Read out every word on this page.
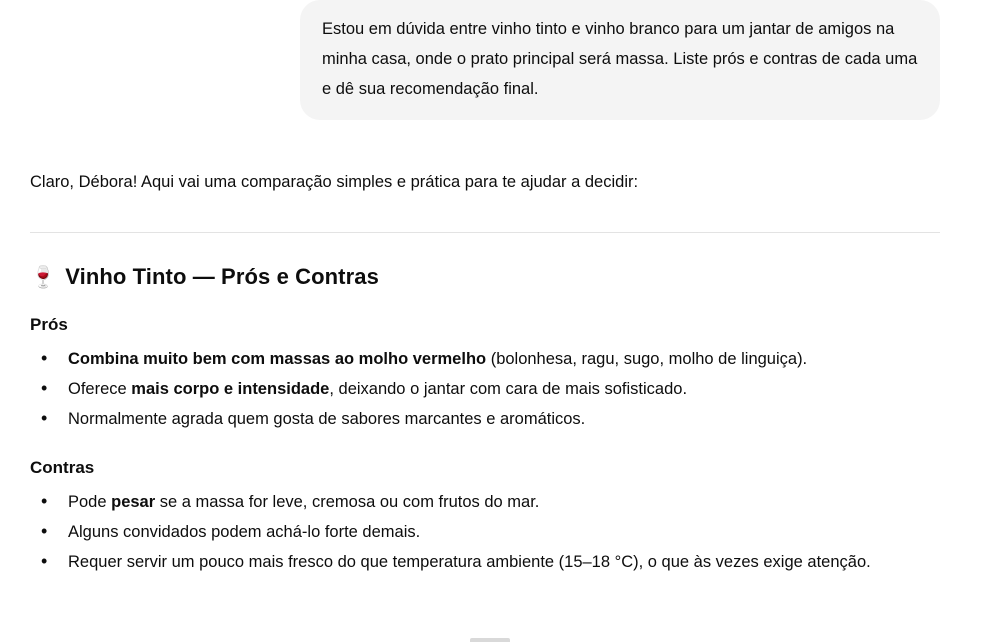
Estou em dúvida entre vinho tinto e vinho branco para um jantar de amigos na minha casa, onde o prato principal será massa. Liste prós e contras de cada uma e dê sua recomendação final.
Claro, Débora! Aqui vai uma comparação simples e prática para te ajudar a decidir:
🍷 Vinho Tinto — Prós e Contras
Prós
• Combina muito bem com massas ao molho vermelho (bolonhesa, ragu, sugo, molho de linguiça).
• Oferece mais corpo e intensidade, deixando o jantar com cara de mais sofisticado.
• Normalmente agrada quem gosta de sabores marcantes e aromáticos.
Contras
• Pode pesar se a massa for leve, cremosa ou com frutos do mar.
• Alguns convidados podem achá-lo forte demais.
• Requer servir um pouco mais fresco do que temperatura ambiente (15–18 °C), o que às vezes exige atenção.
